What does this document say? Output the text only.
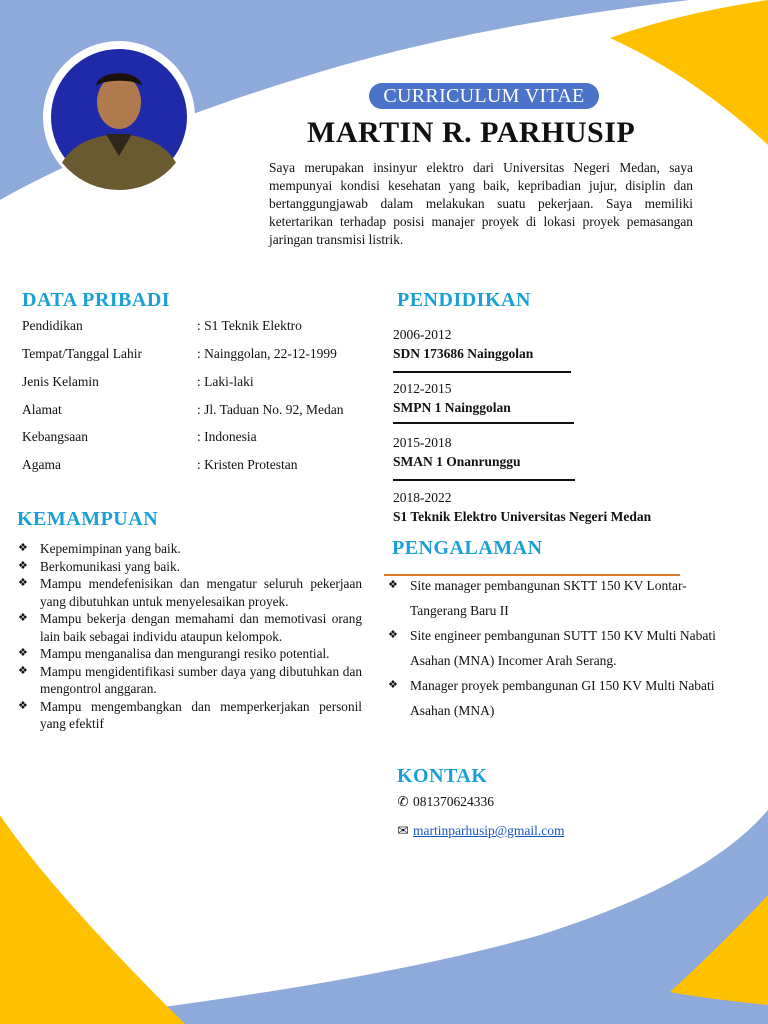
CURRICULUM VITAE
MARTIN R. PARHUSIP
Saya merupakan insinyur elektro dari Universitas Negeri Medan, saya mempunyai kondisi kesehatan yang baik, kepribadian jujur, disiplin dan bertanggungjawab dalam melakukan suatu pekerjaan. Saya memiliki ketertarikan terhadap posisi manajer proyek di lokasi proyek pemasangan jaringan transmisi listrik.
DATA PRIBADI
Pendidikan	: S1 Teknik Elektro
Tempat/Tanggal Lahir	: Nainggolan, 22-12-1999
Jenis Kelamin	: Laki-laki
Alamat	: Jl. Taduan No. 92, Medan
Kebangsaan	: Indonesia
Agama	: Kristen Protestan
PENDIDIKAN
2006-2012
SDN 173686 Nainggolan
2012-2015
SMPN 1 Nainggolan
2015-2018
SMAN 1 Onanrunggu
2018-2022
S1 Teknik Elektro Universitas Negeri Medan
KEMAMPUAN
❖ Kepemimpinan yang baik.
❖ Berkomunikasi yang baik.
❖ Mampu mendefenisikan dan mengatur seluruh pekerjaan yang dibutuhkan untuk menyelesaikan proyek.
❖ Mampu bekerja dengan memahami dan memotivasi orang lain baik sebagai individu ataupun kelompok.
❖ Mampu menganalisa dan mengurangi resiko potential.
❖ Mampu mengidentifikasi sumber daya yang dibutuhkan dan mengontrol anggaran.
❖ Mampu mengembangkan dan memperkerjakan personil yang efektif
PENGALAMAN
❖ Site manager pembangunan SKTT 150 KV Lontar-Tangerang Baru II
❖ Site engineer pembangunan SUTT 150 KV Multi Nabati Asahan (MNA) Incomer Arah Serang.
❖ Manager proyek pembangunan GI 150 KV Multi Nabati Asahan (MNA)
KONTAK
✆ 081370624336
✉ martinparhusip@gmail.com
